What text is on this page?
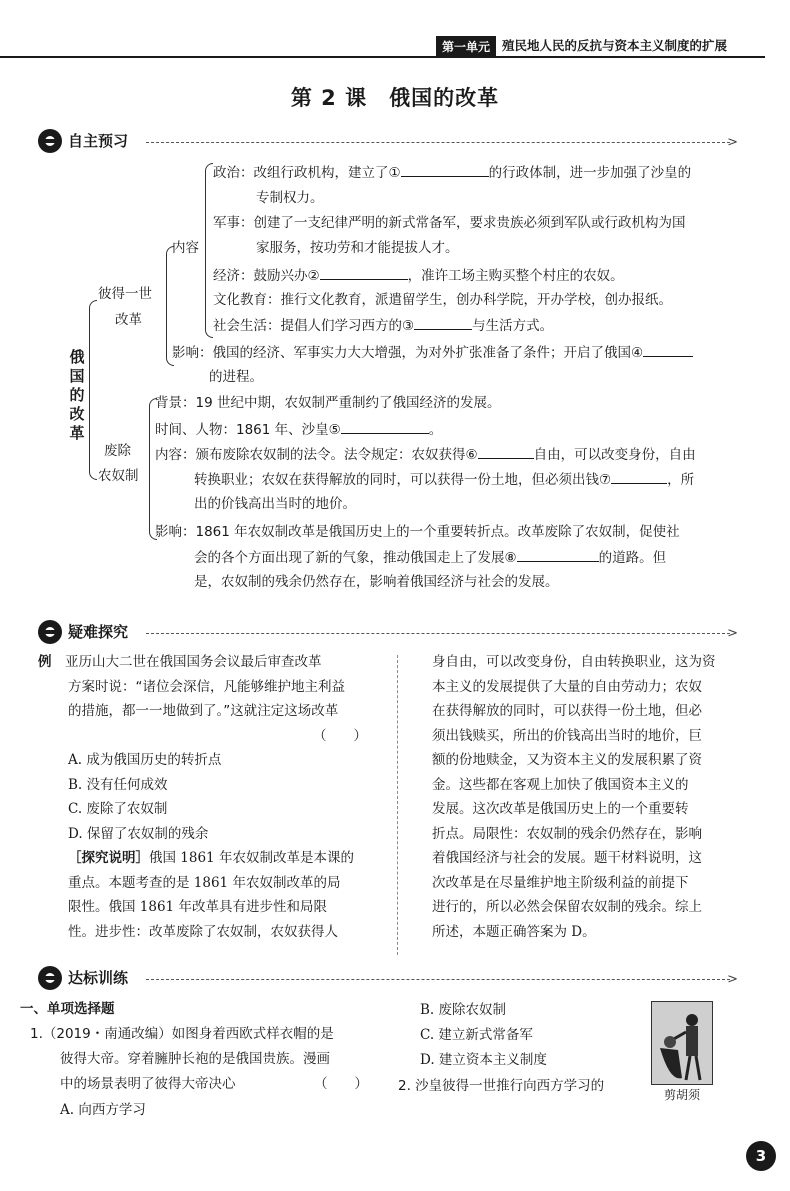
第一单元 殖民地人民的反抗与资本主义制度的扩展
第 2 课　俄国的改革
自主预习	>
俄国的改革
彼得一世
改革
内容
政治：改组行政机构，建立了①	的行政体制，进一步加强了沙皇的
专制权力。
军事：创建了一支纪律严明的新式常备军，要求贵族必须到军队或行政机构为国
家服务，按功劳和才能提拔人才。
经济：鼓励兴办②	，准许工场主购买整个村庄的农奴。
文化教育：推行文化教育，派遣留学生，创办科学院，开办学校，创办报纸。
社会生活：提倡人们学习西方的③	与生活方式。
影响：俄国的经济、军事实力大大增强，为对外扩张准备了条件；开启了俄国④
的进程。
废除
农奴制
背景：19 世纪中期，农奴制严重制约了俄国经济的发展。
时间、人物：1861 年、沙皇⑤	。
内容：颁布废除农奴制的法令。法令规定：农奴获得⑥	自由，可以改变身份，自由
转换职业；农奴在获得解放的同时，可以获得一份土地，但必须出钱⑦	，所
出的价钱高出当时的地价。
影响：1861 年农奴制改革是俄国历史上的一个重要转折点。改革废除了农奴制，促使社
会的各个方面出现了新的气象，推动俄国走上了发展⑧	的道路。但
是，农奴制的残余仍然存在，影响着俄国经济与社会的发展。
疑难探究	>

例　 亚历山大二世在俄国国务会议最后审查改革

方案时说：“诸位会深信，凡能够维护地主利益

的措施，都一一地做到了。”这就注定这场改革

（　　）

A. 成为俄国历史的转折点

B. 没有任何成效

C. 废除了农奴制

D. 保留了农奴制的残余

［探究说明］俄国 1861 年农奴制改革是本课的

重点。本题考查的是 1861 年农奴制改革的局

限性。俄国 1861 年改革具有进步性和局限

性。进步性：改革废除了农奴制，农奴获得人

身自由，可以改变身份，自由转换职业，这为资

本主义的发展提供了大量的自由劳动力；农奴

在获得解放的同时，可以获得一份土地，但必

须出钱赎买，所出的价钱高出当时的地价，巨

额的份地赎金，又为资本主义的发展积累了资

金。这些都在客观上加快了俄国资本主义的

发展。这次改革是俄国历史上的一个重要转

折点。局限性：农奴制的残余仍然存在，影响

着俄国经济与社会的发展。题干材料说明，这

次改革是在尽量维护地主阶级利益的前提下

进行的，所以必然会保留农奴制的残余。综上

所述，本题正确答案为 D。

达标训练	>
一、单项选择题
1.（2019・南通改编）如图身着西欧式样衣帽的是
彼得大帝。穿着臃肿长袍的是俄国贵族。漫画
中的场景表明了彼得大帝决心	（　　）
A. 向西方学习
B. 废除农奴制
C. 建立新式常备军
D. 建立资本主义制度
2. 沙皇彼得一世推行向西方学习的
剪胡须
3
